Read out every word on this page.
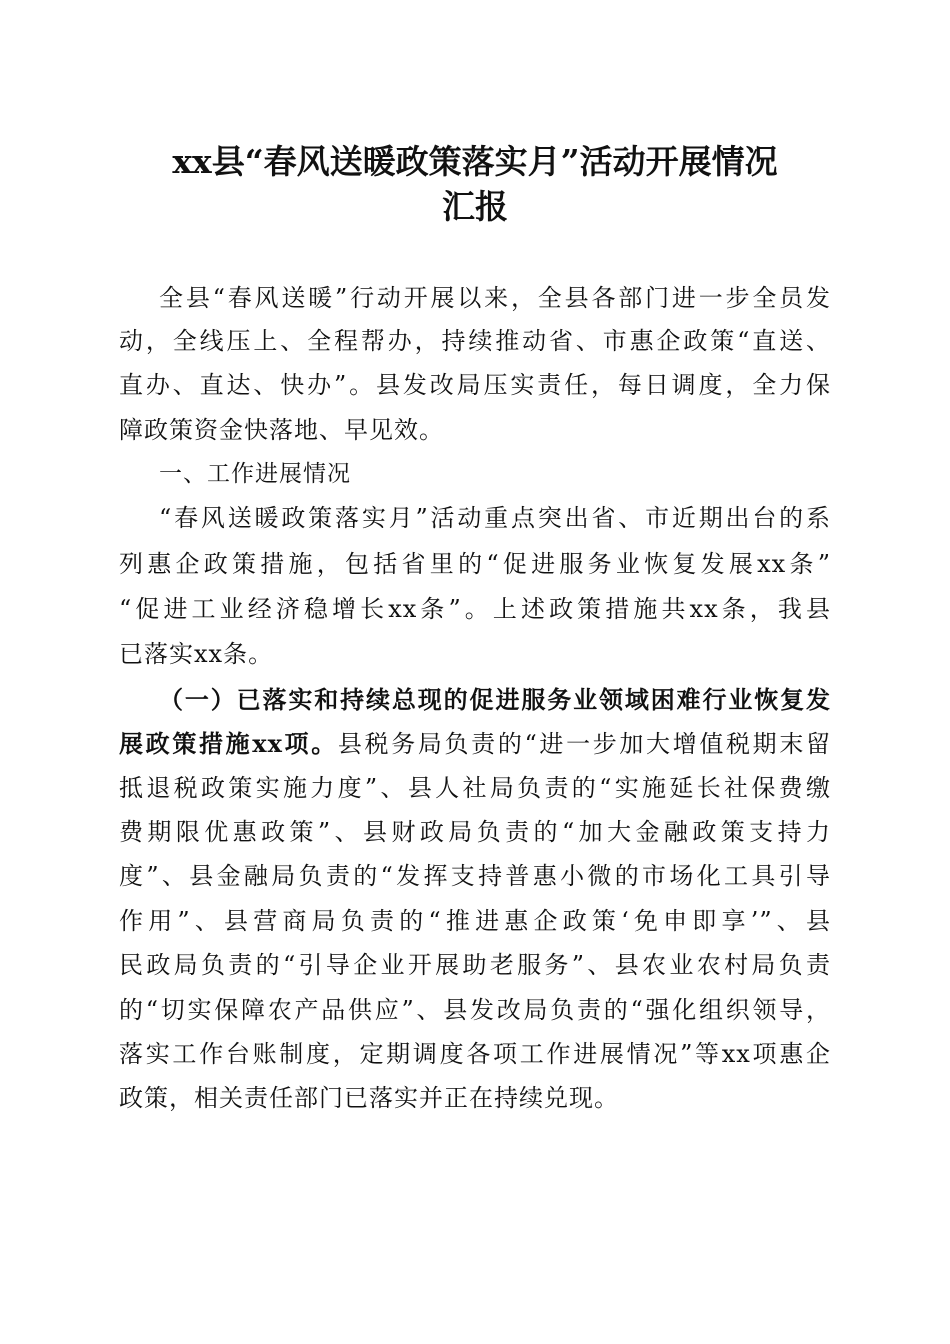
xx县“春风送暖政策落实月”活动开展情况
汇报
全县“春风送暖”行动开展以来，全县各部门进一步全员发
动，全线压上、全程帮办，持续推动省、市惠企政策“直送、
直办、直达、快办”。县发改局压实责任，每日调度，全力保
障政策资金快落地、早见效。
一、工作进展情况
“春风送暖政策落实月”活动重点突出省、市近期出台的系
列惠企政策措施，包括省里的“促进服务业恢复发展xx条”
“促进工业经济稳增长xx条”。上述政策措施共xx条，我县
已落实xx条。
（一）已落实和持续总现的促进服务业领域困难行业恢复发
展政策措施xx项。县税务局负责的“进一步加大增值税期末留
抵退税政策实施力度”、县人社局负责的“实施延长社保费缴
费期限优惠政策”、县财政局负责的“加大金融政策支持力
度”、县金融局负责的“发挥支持普惠小微的市场化工具引导
作用”、县营商局负责的“推进惠企政策‘免申即享’”、县
民政局负责的“引导企业开展助老服务”、县农业农村局负责
的“切实保障农产品供应”、县发改局负责的“强化组织领导，
落实工作台账制度，定期调度各项工作进展情况”等xx项惠企
政策，相关责任部门已落实并正在持续兑现。
